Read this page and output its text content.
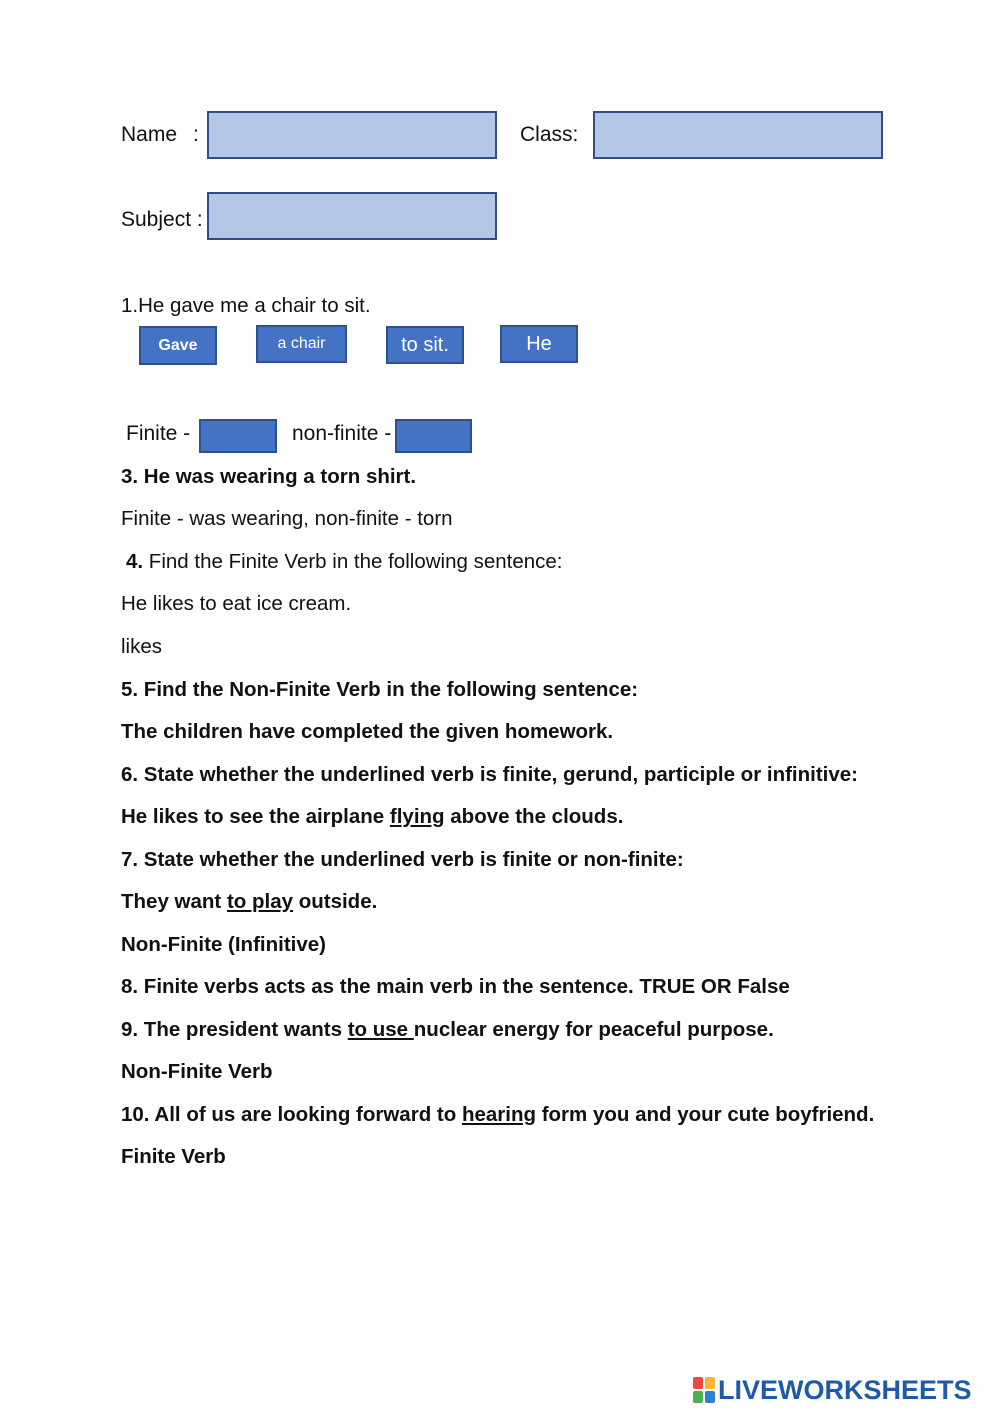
Name :	Class:
Subject :
1.He gave me a chair to sit.
Gave	a chair	to sit.	He
Finite -	non-finite -
3. He was wearing a torn shirt.
Finite - was wearing, non-finite - torn
4. Find the Finite Verb in the following sentence:
He likes to eat ice cream.
likes
5. Find the Non-Finite Verb in the following sentence:
The children have completed the given homework.
6. State whether the underlined verb is finite, gerund, participle or infinitive:
He likes to see the airplane flying above the clouds.
7. State whether the underlined verb is finite or non-finite:
They want to play outside.
Non-Finite (Infinitive)
8. Finite verbs acts as the main verb in the sentence. TRUE OR False
9. The president wants to use nuclear energy for peaceful purpose.
Non-Finite Verb
10. All of us are looking forward to hearing form you and your cute boyfriend.
Finite Verb
LIVEWORKSHEETS
